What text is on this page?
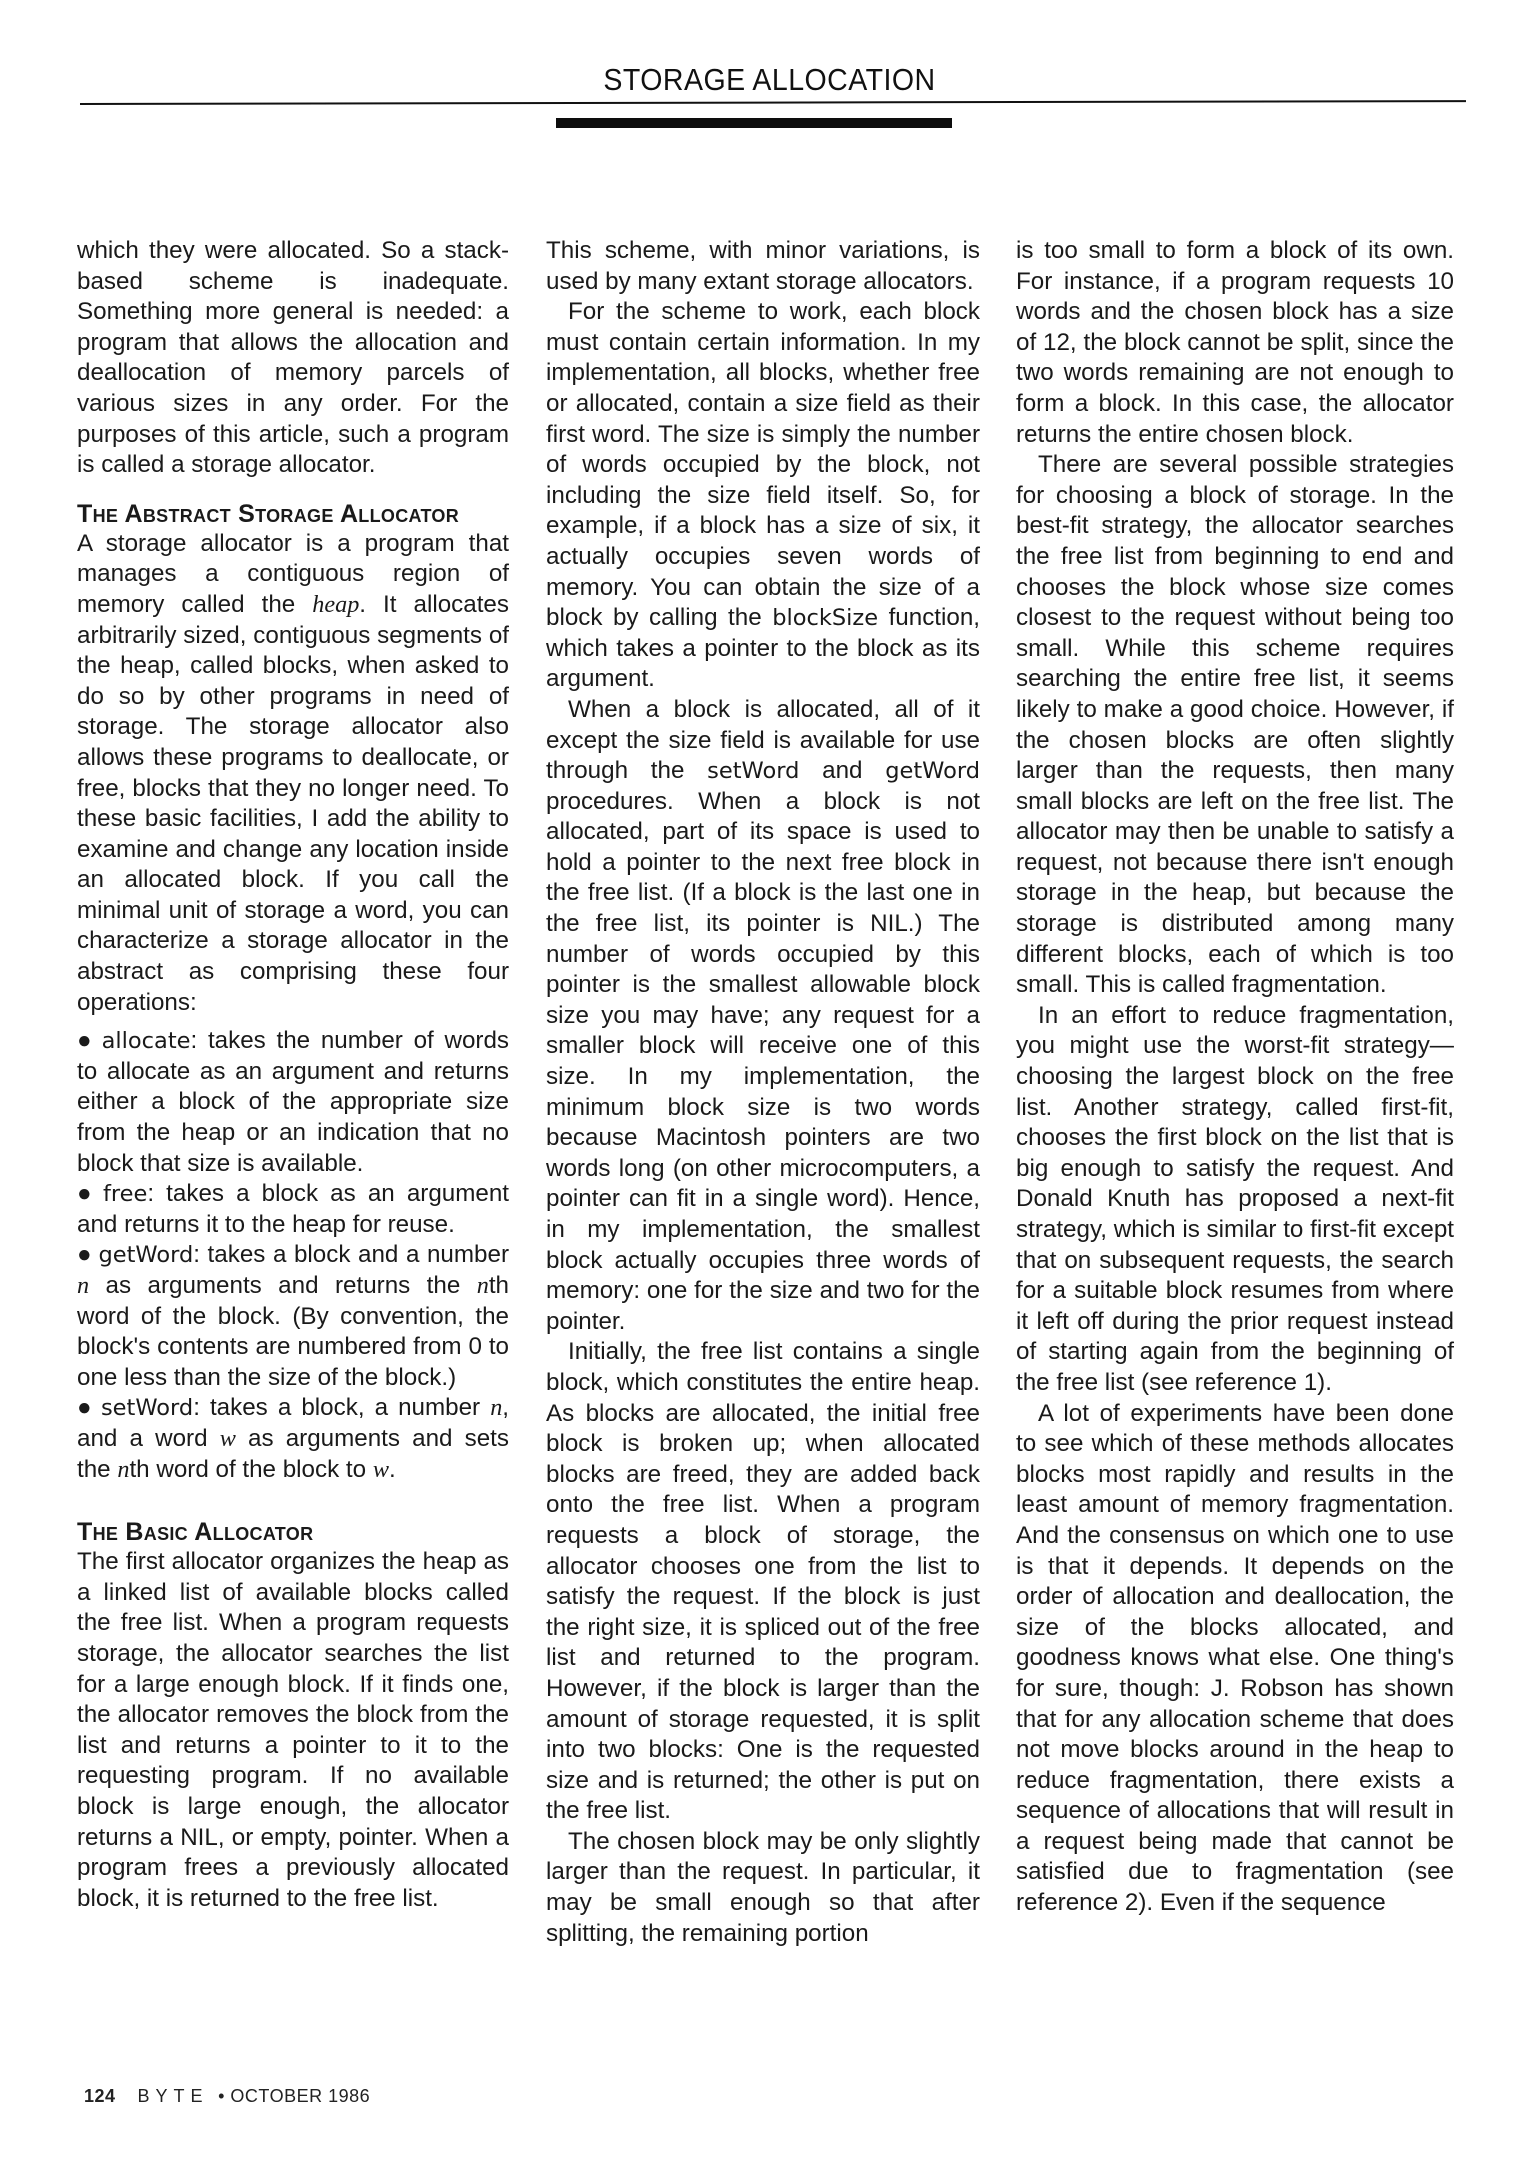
STORAGE ALLOCATION

which they were allocated. So a stack-based scheme is inadequate. Something more general is needed: a program that allows the allocation and deallocation of memory parcels of various sizes in any order. For the purposes of this article, such a program is called a storage allocator.

The Abstract Storage Allocator

A storage allocator is a program that manages a contiguous region of memory called the heap. It allocates arbitrarily sized, contiguous segments of the heap, called blocks, when asked to do so by other programs in need of storage. The storage allocator also allows these programs to deallocate, or free, blocks that they no longer need. To these basic facilities, I add the ability to examine and change any location inside an allocated block. If you call the minimal unit of storage a word, you can characterize a storage allocator in the abstract as comprising these four operations:

● allocate: takes the number of words to allocate as an argument and returns either a block of the appropriate size from the heap or an indication that no block that size is available.
● free: takes a block as an argument and returns it to the heap for reuse.
● getWord: takes a block and a number n as arguments and returns the nth word of the block. (By convention, the block's contents are numbered from 0 to one less than the size of the block.)
● setWord: takes a block, a number n, and a word w as arguments and sets the nth word of the block to w.
The Basic Allocator

The first allocator organizes the heap as a linked list of available blocks called the free list. When a program requests storage, the allocator searches the list for a large enough block. If it finds one, the allocator removes the block from the list and returns a pointer to it to the requesting program. If no available block is large enough, the allocator returns a NIL, or empty, pointer. When a program frees a previously allocated block, it is returned to the free list.

This scheme, with minor variations, is used by many extant storage allocators.

For the scheme to work, each block must contain certain information. In my implementation, all blocks, whether free or allocated, contain a size field as their first word. The size is simply the number of words occupied by the block, not including the size field itself. So, for example, if a block has a size of six, it actually occupies seven words of memory. You can obtain the size of a block by calling the blockSize function, which takes a pointer to the block as its argument.

When a block is allocated, all of it except the size field is available for use through the setWord and getWord procedures. When a block is not allocated, part of its space is used to hold a pointer to the next free block in the free list. (If a block is the last one in the free list, its pointer is NIL.) The number of words occupied by this pointer is the smallest allowable block size you may have; any request for a smaller block will receive one of this size. In my implementation, the minimum block size is two words because Macintosh pointers are two words long (on other microcomputers, a pointer can fit in a single word). Hence, in my implementation, the smallest block actually occupies three words of memory: one for the size and two for the pointer.

Initially, the free list contains a single block, which constitutes the entire heap. As blocks are allocated, the initial free block is broken up; when allocated blocks are freed, they are added back onto the free list. When a program requests a block of storage, the allocator chooses one from the list to satisfy the request. If the block is just the right size, it is spliced out of the free list and returned to the program. However, if the block is larger than the amount of storage requested, it is split into two blocks: One is the requested size and is returned; the other is put on the free list.

The chosen block may be only slightly larger than the request. In particular, it may be small enough so that after splitting, the remaining portion

is too small to form a block of its own. For instance, if a program requests 10 words and the chosen block has a size of 12, the block cannot be split, since the two words remaining are not enough to form a block. In this case, the allocator returns the entire chosen block.

There are several possible strategies for choosing a block of storage. In the best-fit strategy, the allocator searches the free list from beginning to end and chooses the block whose size comes closest to the request without being too small. While this scheme requires searching the entire free list, it seems likely to make a good choice. However, if the chosen blocks are often slightly larger than the requests, then many small blocks are left on the free list. The allocator may then be unable to satisfy a request, not because there isn't enough storage in the heap, but because the storage is distributed among many different blocks, each of which is too small. This is called fragmentation.

In an effort to reduce fragmentation, you might use the worst-fit strategy—choosing the largest block on the free list. Another strategy, called first-fit, chooses the first block on the list that is big enough to satisfy the request. And Donald Knuth has proposed a next-fit strategy, which is similar to first-fit except that on subsequent requests, the search for a suitable block resumes from where it left off during the prior request instead of starting again from the beginning of the free list (see reference 1).

A lot of experiments have been done to see which of these methods allocates blocks most rapidly and results in the least amount of memory fragmentation. And the consensus on which one to use is that it depends. It depends on the order of allocation and deallocation, the size of the blocks allocated, and goodness knows what else. One thing's for sure, though: J. Robson has shown that for any allocation scheme that does not move blocks around in the heap to reduce fragmentation, there exists a sequence of allocations that will result in a request being made that cannot be satisfied due to fragmentation (see reference 2). Even if the sequence

124 BYTE • OCTOBER 1986
